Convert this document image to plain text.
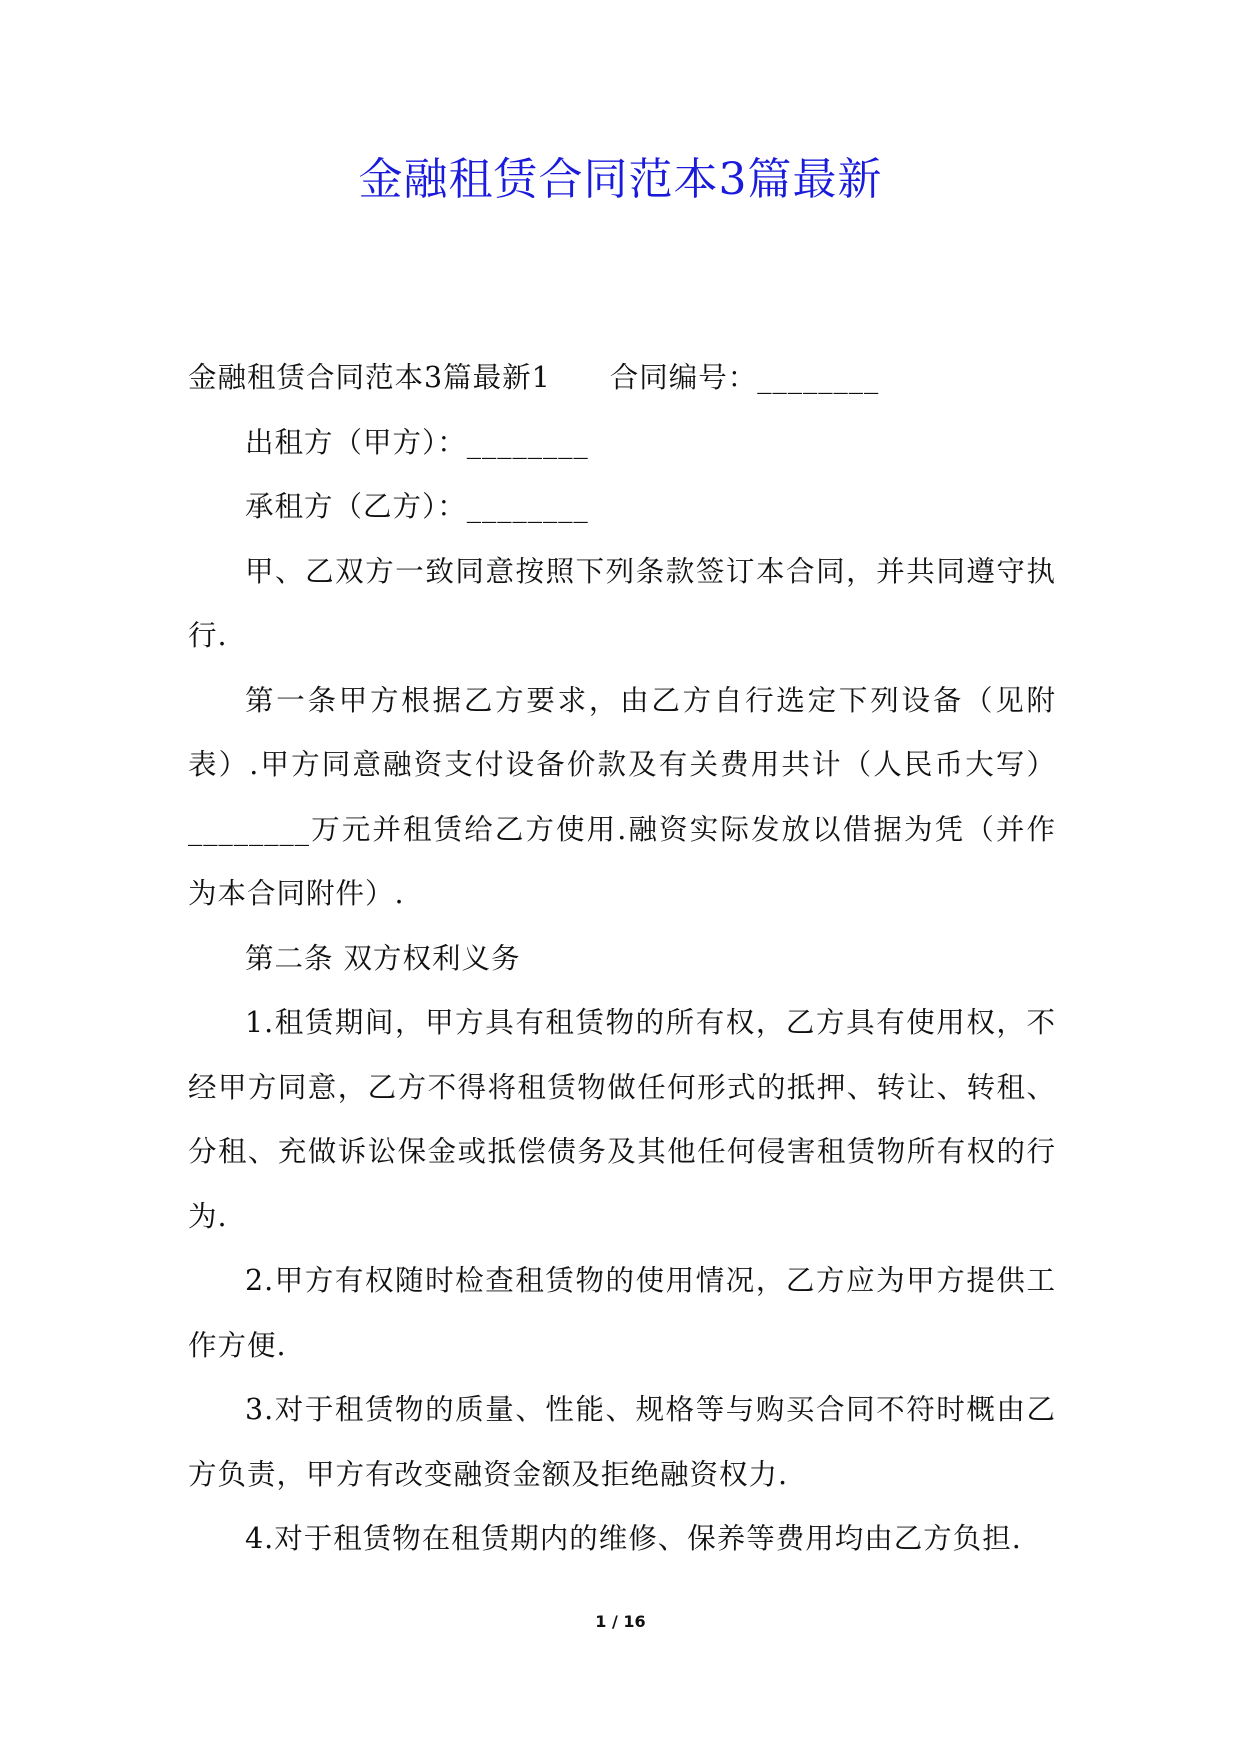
金融租赁合同范本3篇最新

金融租赁合同范本3篇最新1　　合同编号：________

出租方（甲方）：________

承租方（乙方）：________

甲、乙双方一致同意按照下列条款签订本合同，并共同遵守执行.

第一条甲方根据乙方要求，由乙方自行选定下列设备（见附表）.甲方同意融资支付设备价款及有关费用共计（人民币大写）________万元并租赁给乙方使用.融资实际发放以借据为凭（并作为本合同附件）.

第二条 双方权利义务

1.租赁期间，甲方具有租赁物的所有权，乙方具有使用权，不经甲方同意，乙方不得将租赁物做任何形式的抵押、转让、转租、分租、充做诉讼保金或抵偿债务及其他任何侵害租赁物所有权的行为.

2.甲方有权随时检查租赁物的使用情况，乙方应为甲方提供工作方便.

3.对于租赁物的质量、性能、规格等与购买合同不符时概由乙方负责，甲方有改变融资金额及拒绝融资权力.

4.对于租赁物在租赁期内的维修、保养等费用均由乙方负担.

1 / 16
